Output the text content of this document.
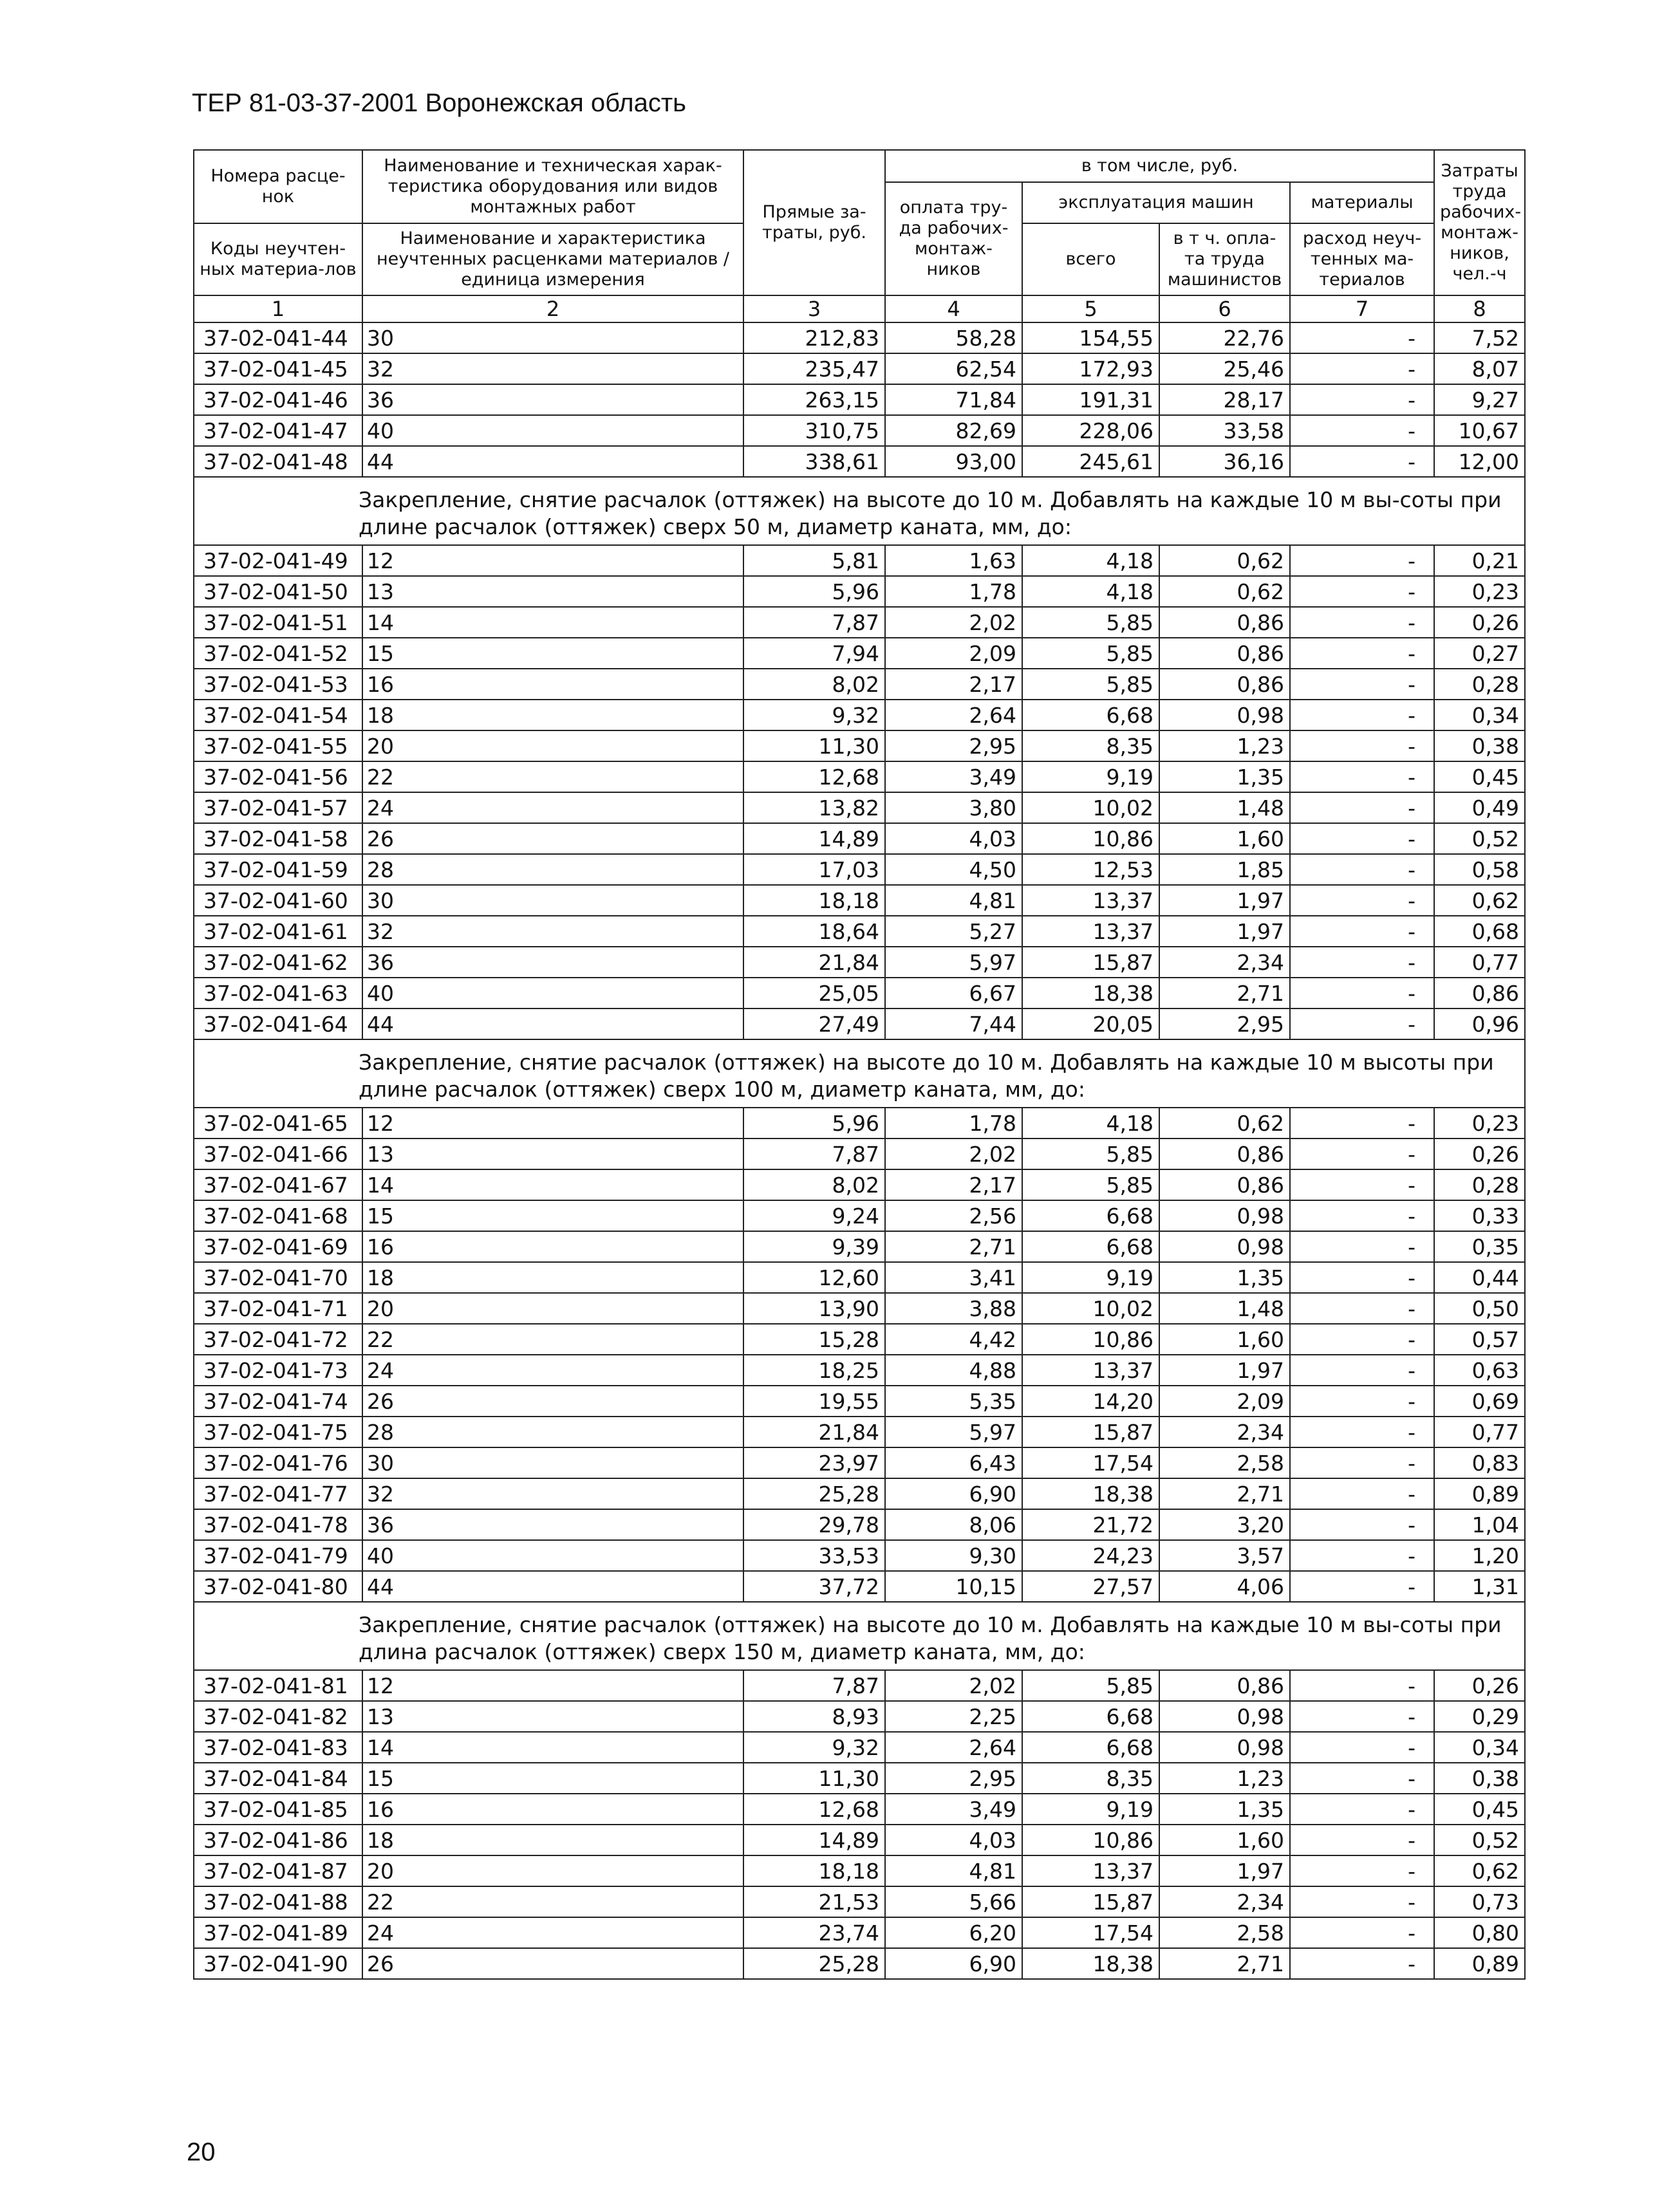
ТЕР 81-03-37-2001 Воронежская область
Номера расце-нок	Наименование и техническая харак-теристика оборудования или видов монтажных работ	Прямые за-траты, руб.	в том числе, руб.				Затраты труда рабочих-монтаж-ников, чел.-ч
			оплата тру-да рабочих-монтаж-ников	эксплуатация машин		материалы	
Коды неучтен-ных материа-лов	Наименование и характеристика неучтенных расценками материалов / единица измерения			всего	в т ч. опла-та труда машинистов	расход неуч-тенных ма-териалов	

1	2	3	4	5	6	7	8
37-02-041-44	30	212,83	58,28	154,55	22,76	-	7,52
37-02-041-45	32	235,47	62,54	172,93	25,46	-	8,07
37-02-041-46	36	263,15	71,84	191,31	28,17	-	9,27
37-02-041-47	40	310,75	82,69	228,06	33,58	-	10,67
37-02-041-48	44	338,61	93,00	245,61	36,16	-	12,00
Закрепление, снятие расчалок (оттяжек) на высоте до 10 м. Добавлять на каждые 10 м вы-соты при длине расчалок (оттяжек) сверх 50 м, диаметр каната, мм, до:							
37-02-041-49	12	5,81	1,63	4,18	0,62	-	0,21
37-02-041-50	13	5,96	1,78	4,18	0,62	-	0,23
37-02-041-51	14	7,87	2,02	5,85	0,86	-	0,26
37-02-041-52	15	7,94	2,09	5,85	0,86	-	0,27
37-02-041-53	16	8,02	2,17	5,85	0,86	-	0,28
37-02-041-54	18	9,32	2,64	6,68	0,98	-	0,34
37-02-041-55	20	11,30	2,95	8,35	1,23	-	0,38
37-02-041-56	22	12,68	3,49	9,19	1,35	-	0,45
37-02-041-57	24	13,82	3,80	10,02	1,48	-	0,49
37-02-041-58	26	14,89	4,03	10,86	1,60	-	0,52
37-02-041-59	28	17,03	4,50	12,53	1,85	-	0,58
37-02-041-60	30	18,18	4,81	13,37	1,97	-	0,62
37-02-041-61	32	18,64	5,27	13,37	1,97	-	0,68
37-02-041-62	36	21,84	5,97	15,87	2,34	-	0,77
37-02-041-63	40	25,05	6,67	18,38	2,71	-	0,86
37-02-041-64	44	27,49	7,44	20,05	2,95	-	0,96
Закрепление, снятие расчалок (оттяжек) на высоте до 10 м. Добавлять на каждые 10 м высоты при длине расчалок (оттяжек) сверх 100 м, диаметр каната, мм, до:							
37-02-041-65	12	5,96	1,78	4,18	0,62	-	0,23
37-02-041-66	13	7,87	2,02	5,85	0,86	-	0,26
37-02-041-67	14	8,02	2,17	5,85	0,86	-	0,28
37-02-041-68	15	9,24	2,56	6,68	0,98	-	0,33
37-02-041-69	16	9,39	2,71	6,68	0,98	-	0,35
37-02-041-70	18	12,60	3,41	9,19	1,35	-	0,44
37-02-041-71	20	13,90	3,88	10,02	1,48	-	0,50
37-02-041-72	22	15,28	4,42	10,86	1,60	-	0,57
37-02-041-73	24	18,25	4,88	13,37	1,97	-	0,63
37-02-041-74	26	19,55	5,35	14,20	2,09	-	0,69
37-02-041-75	28	21,84	5,97	15,87	2,34	-	0,77
37-02-041-76	30	23,97	6,43	17,54	2,58	-	0,83
37-02-041-77	32	25,28	6,90	18,38	2,71	-	0,89
37-02-041-78	36	29,78	8,06	21,72	3,20	-	1,04
37-02-041-79	40	33,53	9,30	24,23	3,57	-	1,20
37-02-041-80	44	37,72	10,15	27,57	4,06	-	1,31
Закрепление, снятие расчалок (оттяжек) на высоте до 10 м. Добавлять на каждые 10 м вы-соты при длина расчалок (оттяжек) сверх 150 м, диаметр каната, мм, до:							
37-02-041-81	12	7,87	2,02	5,85	0,86	-	0,26
37-02-041-82	13	8,93	2,25	6,68	0,98	-	0,29
37-02-041-83	14	9,32	2,64	6,68	0,98	-	0,34
37-02-041-84	15	11,30	2,95	8,35	1,23	-	0,38
37-02-041-85	16	12,68	3,49	9,19	1,35	-	0,45
37-02-041-86	18	14,89	4,03	10,86	1,60	-	0,52
37-02-041-87	20	18,18	4,81	13,37	1,97	-	0,62
37-02-041-88	22	21,53	5,66	15,87	2,34	-	0,73
37-02-041-89	24	23,74	6,20	17,54	2,58	-	0,80
37-02-041-90	26	25,28	6,90	18,38	2,71	-	0,89
20
